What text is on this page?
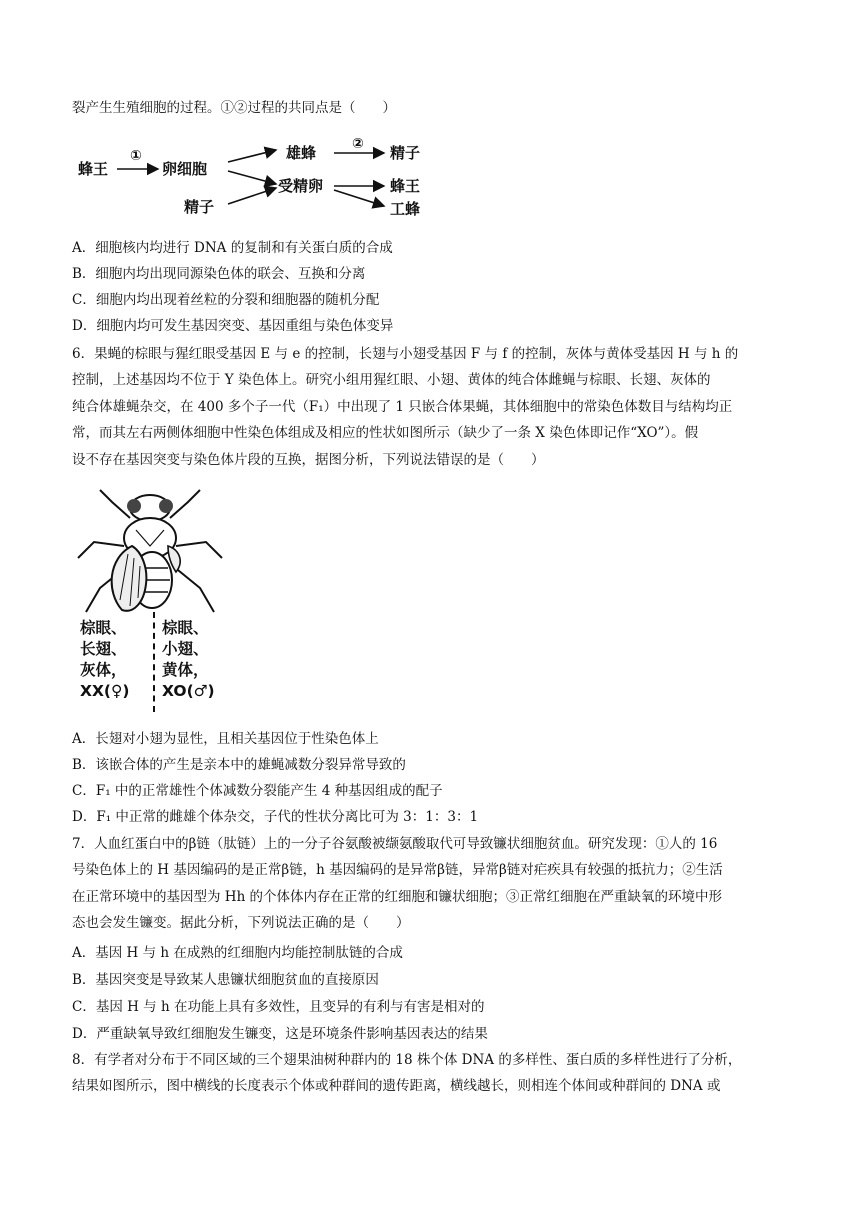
裂产生生殖细胞的过程。①②过程的共同点是（　　）
蜂王
①
卵细胞
精子
雄蜂	② 精子
受精卵	蜂王
工蜂
A．细胞核内均进行 DNA 的复制和有关蛋白质的合成
B．细胞内均出现同源染色体的联会、互换和分离
C．细胞内均出现着丝粒的分裂和细胞器的随机分配
D．细胞内均可发生基因突变、基因重组与染色体变异
6．果蝇的棕眼与猩红眼受基因 E 与 e 的控制，长翅与小翅受基因 F 与 f 的控制，灰体与黄体受基因 H 与 h 的
控制，上述基因均不位于 Y 染色体上。研究小组用猩红眼、小翅、黄体的纯合体雌蝇与棕眼、长翅、灰体的
纯合体雄蝇杂交，在 400 多个子一代（F₁）中出现了 1 只嵌合体果蝇，其体细胞中的常染色体数目与结构均正
常，而其左右两侧体细胞中性染色体组成及相应的性状如图所示（缺少了一条 X 染色体即记作“XO”）。假
设不存在基因突变与染色体片段的互换，据图分析，下列说法错误的是（　　）
棕眼、
长翅、
灰体，
XX(♀)
棕眼、
小翅、
黄体，
XO(♂)
A．长翅对小翅为显性，且相关基因位于性染色体上
B．该嵌合体的产生是亲本中的雄蝇减数分裂异常导致的
C．F₁ 中的正常雄性个体减数分裂能产生 4 种基因组成的配子
D．F₁ 中正常的雌雄个体杂交，子代的性状分离比可为 3：1：3：1
7．人血红蛋白中的β链（肽链）上的一分子谷氨酸被缬氨酸取代可导致镰状细胞贫血。研究发现：①人的 16
号染色体上的 H 基因编码的是正常β链，h 基因编码的是异常β链，异常β链对疟疾具有较强的抵抗力；②生活
在正常环境中的基因型为 Hh 的个体体内存在正常的红细胞和镰状细胞；③正常红细胞在严重缺氧的环境中形
态也会发生镰变。据此分析，下列说法正确的是（　　）
A．基因 H 与 h 在成熟的红细胞内均能控制肽链的合成
B．基因突变是导致某人患镰状细胞贫血的直接原因
C．基因 H 与 h 在功能上具有多效性，且变异的有利与有害是相对的
D．严重缺氧导致红细胞发生镰变，这是环境条件影响基因表达的结果
8．有学者对分布于不同区域的三个翅果油树种群内的 18 株个体 DNA 的多样性、蛋白质的多样性进行了分析，
结果如图所示，图中横线的长度表示个体或种群间的遗传距离，横线越长，则相连个体间或种群间的 DNA 或
